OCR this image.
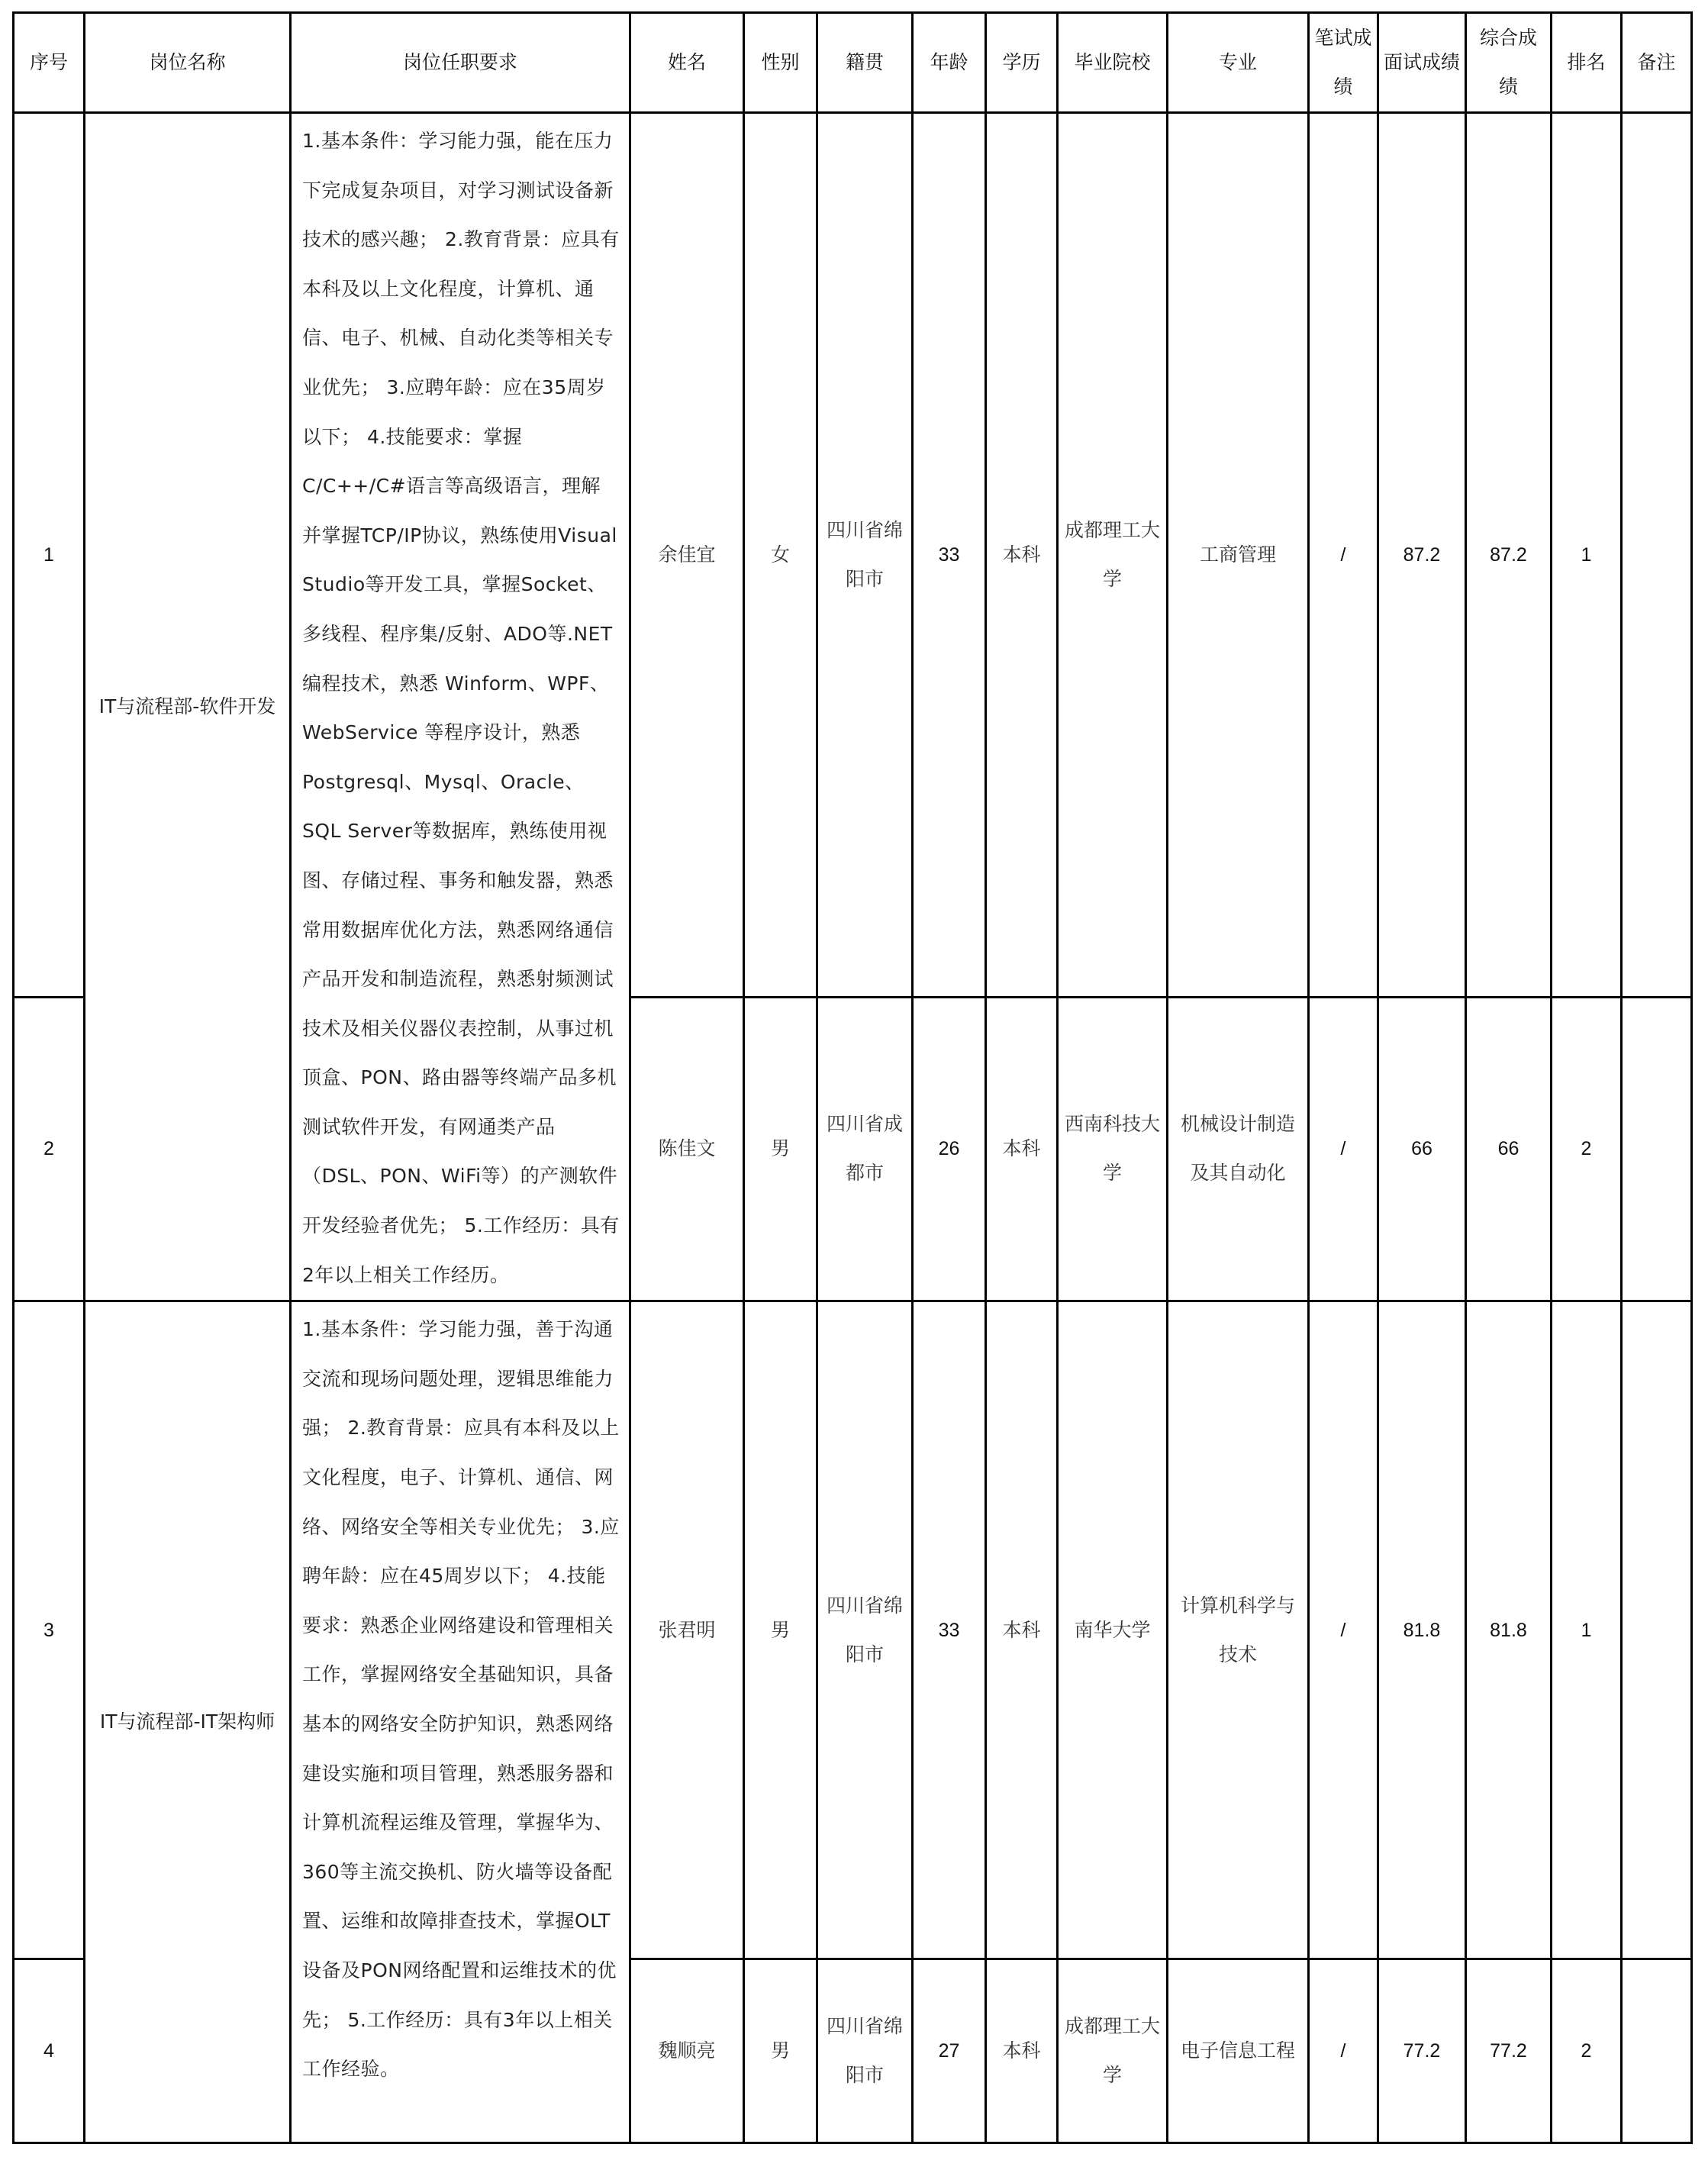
序号	岗位名称	岗位任职要求	姓名	性别	籍贯	年龄	学历	毕业院校	专业	笔试成绩	面试成绩	综合成绩	排名	备注
1	IT与流程部-软件开发	1.基本条件：学习能力强，能在压力下完成复杂项目，对学习测试设备新技术的感兴趣； 2.教育背景：应具有本科及以上文化程度，计算机、通信、电子、机械、自动化类等相关专业优先； 3.应聘年龄：应在35周岁以下； 4.技能要求：掌握C/C++/C#语言等高级语言，理解并掌握TCP/IP协议，熟练使用Visual Studio等开发工具，掌握Socket、多线程、程序集/反射、ADO等.NET编程技术，熟悉 Winform、WPF、WebService 等程序设计，熟悉Postgresql、Mysql、Oracle、SQL Server等数据库，熟练使用视图、存储过程、事务和触发器，熟悉常用数据库优化方法，熟悉网络通信产品开发和制造流程，熟悉射频测试技术及相关仪器仪表控制，从事过机顶盒、PON、路由器等终端产品多机测试软件开发，有网通类产品（DSL、PON、WiFi等）的产测软件开发经验者优先； 5.工作经历：具有2年以上相关工作经历。	余佳宜	女	四川省绵阳市	33	本科	成都理工大学	工商管理	/	87.2	87.2	1	
2			陈佳文	男	四川省成都市	26	本科	西南科技大学	机械设计制造及其自动化	/	66	66	2	
3	IT与流程部-IT架构师	1.基本条件：学习能力强，善于沟通交流和现场问题处理，逻辑思维能力强； 2.教育背景：应具有本科及以上文化程度，电子、计算机、通信、网络、网络安全等相关专业优先； 3.应聘年龄：应在45周岁以下； 4.技能要求：熟悉企业网络建设和管理相关工作，掌握网络安全基础知识，具备基本的网络安全防护知识，熟悉网络建设实施和项目管理，熟悉服务器和计算机流程运维及管理，掌握华为、360等主流交换机、防火墙等设备配置、运维和故障排查技术，掌握OLT设备及PON网络配置和运维技术的优先； 5.工作经历：具有3年以上相关工作经验。	张君明	男	四川省绵阳市	33	本科	南华大学	计算机科学与技术	/	81.8	81.8	1	
4			魏顺亮	男	四川省绵阳市	27	本科	成都理工大学	电子信息工程	/	77.2	77.2	2	
